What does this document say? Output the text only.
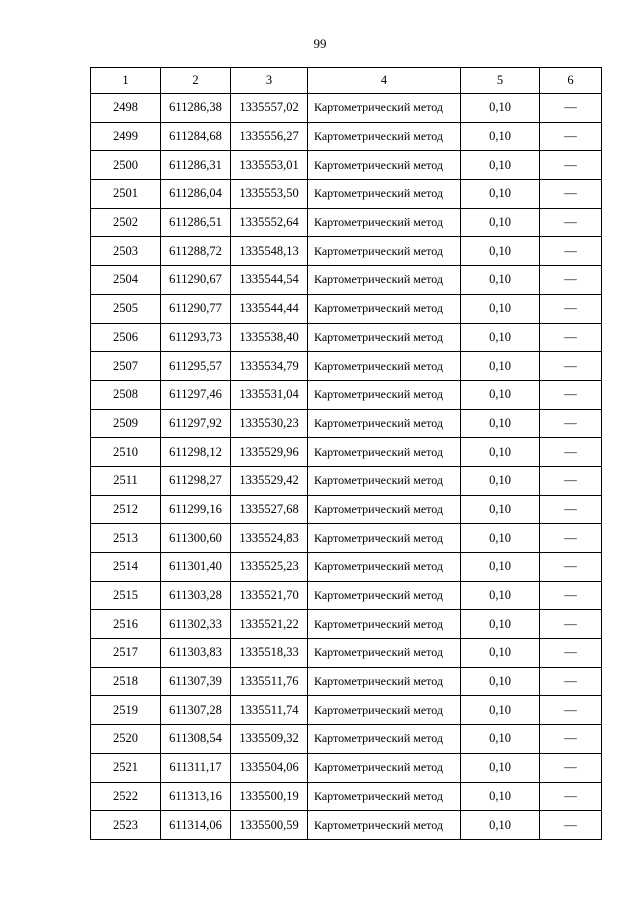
99
1	2	3	4	5	6
2498	611286,38	1335557,02	Картометрический метод	0,10	—
2499	611284,68	1335556,27	Картометрический метод	0,10	—
2500	611286,31	1335553,01	Картометрический метод	0,10	—
2501	611286,04	1335553,50	Картометрический метод	0,10	—
2502	611286,51	1335552,64	Картометрический метод	0,10	—
2503	611288,72	1335548,13	Картометрический метод	0,10	—
2504	611290,67	1335544,54	Картометрический метод	0,10	—
2505	611290,77	1335544,44	Картометрический метод	0,10	—
2506	611293,73	1335538,40	Картометрический метод	0,10	—
2507	611295,57	1335534,79	Картометрический метод	0,10	—
2508	611297,46	1335531,04	Картометрический метод	0,10	—
2509	611297,92	1335530,23	Картометрический метод	0,10	—
2510	611298,12	1335529,96	Картометрический метод	0,10	—
2511	611298,27	1335529,42	Картометрический метод	0,10	—
2512	611299,16	1335527,68	Картометрический метод	0,10	—
2513	611300,60	1335524,83	Картометрический метод	0,10	—
2514	611301,40	1335525,23	Картометрический метод	0,10	—
2515	611303,28	1335521,70	Картометрический метод	0,10	—
2516	611302,33	1335521,22	Картометрический метод	0,10	—
2517	611303,83	1335518,33	Картометрический метод	0,10	—
2518	611307,39	1335511,76	Картометрический метод	0,10	—
2519	611307,28	1335511,74	Картометрический метод	0,10	—
2520	611308,54	1335509,32	Картометрический метод	0,10	—
2521	611311,17	1335504,06	Картометрический метод	0,10	—
2522	611313,16	1335500,19	Картометрический метод	0,10	—
2523	611314,06	1335500,59	Картометрический метод	0,10	—
